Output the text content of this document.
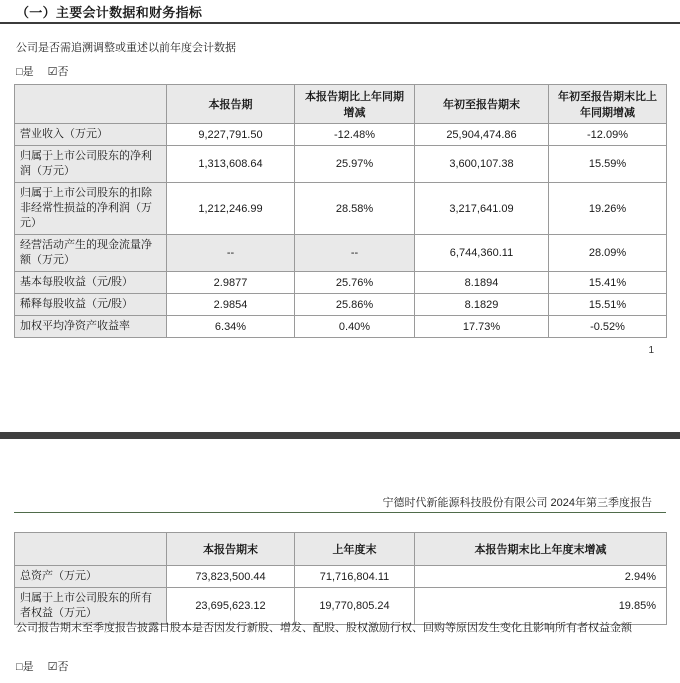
（一）主要会计数据和财务指标
公司是否需追溯调整或重述以前年度会计数据
□是 ☑否
	本报告期	本报告期比上年同期增减	年初至报告期末	年初至报告期末比上年同期增减
营业收入（万元）	9,227,791.50	-12.48%	25,904,474.86	-12.09%
归属于上市公司股东的净利润（万元）	1,313,608.64	25.97%	3,600,107.38	15.59%
归属于上市公司股东的扣除非经常性损益的净利润（万元）	1,212,246.99	28.58%	3,217,641.09	19.26%
经营活动产生的现金流量净额（万元）	--	--	6,744,360.11	28.09%
基本每股收益（元/股）	2.9877	25.76%	8.1894	15.41%
稀释每股收益（元/股）	2.9854	25.86%	8.1829	15.51%
加权平均净资产收益率	6.34%	0.40%	17.73%	-0.52%
1
宁德时代新能源科技股份有限公司 2024年第三季度报告
	本报告期末	上年度末	本报告期末比上年度末增减
总资产（万元）	73,823,500.44	71,716,804.11	2.94%
归属于上市公司股东的所有者权益（万元）	23,695,623.12	19,770,805.24	19.85%
公司报告期末至季度报告披露日股本是否因发行新股、增发、配股、股权激励行权、回购等原因发生变化且影响所有者权益金额
□是 ☑否
